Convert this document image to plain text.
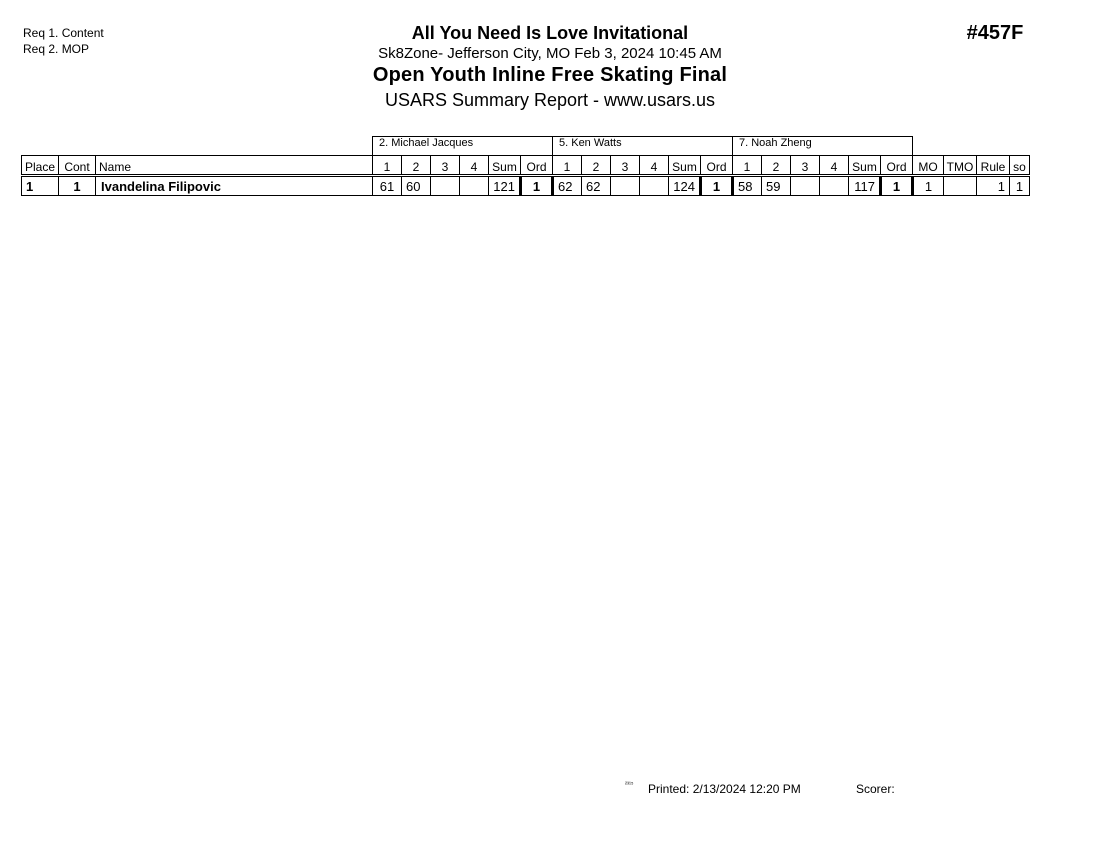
Req 1. Content
Req 2. MOP
All You Need Is Love Invitational
Sk8Zone- Jefferson City, MO Feb 3, 2024 10:45 AM
Open Youth Inline Free Skating Final
USARS Summary Report - www.usars.us
#457F
			2. Michael Jacques						5. Ken Watts						7. Noah Zheng									
Place	Cont	Name	1	2	3	4	Sum	Ord	1	2	3	4	Sum	Ord	1	2	3	4	Sum	Ord	MO	TMO	Rule	so
1	1	Ivandelina Filipovic	61	60			121	1	62	62			124	1	58	59			117	1	1		1	1
²³¹⁵ Printed: 2/13/2024 12:20 PM	Scorer:
